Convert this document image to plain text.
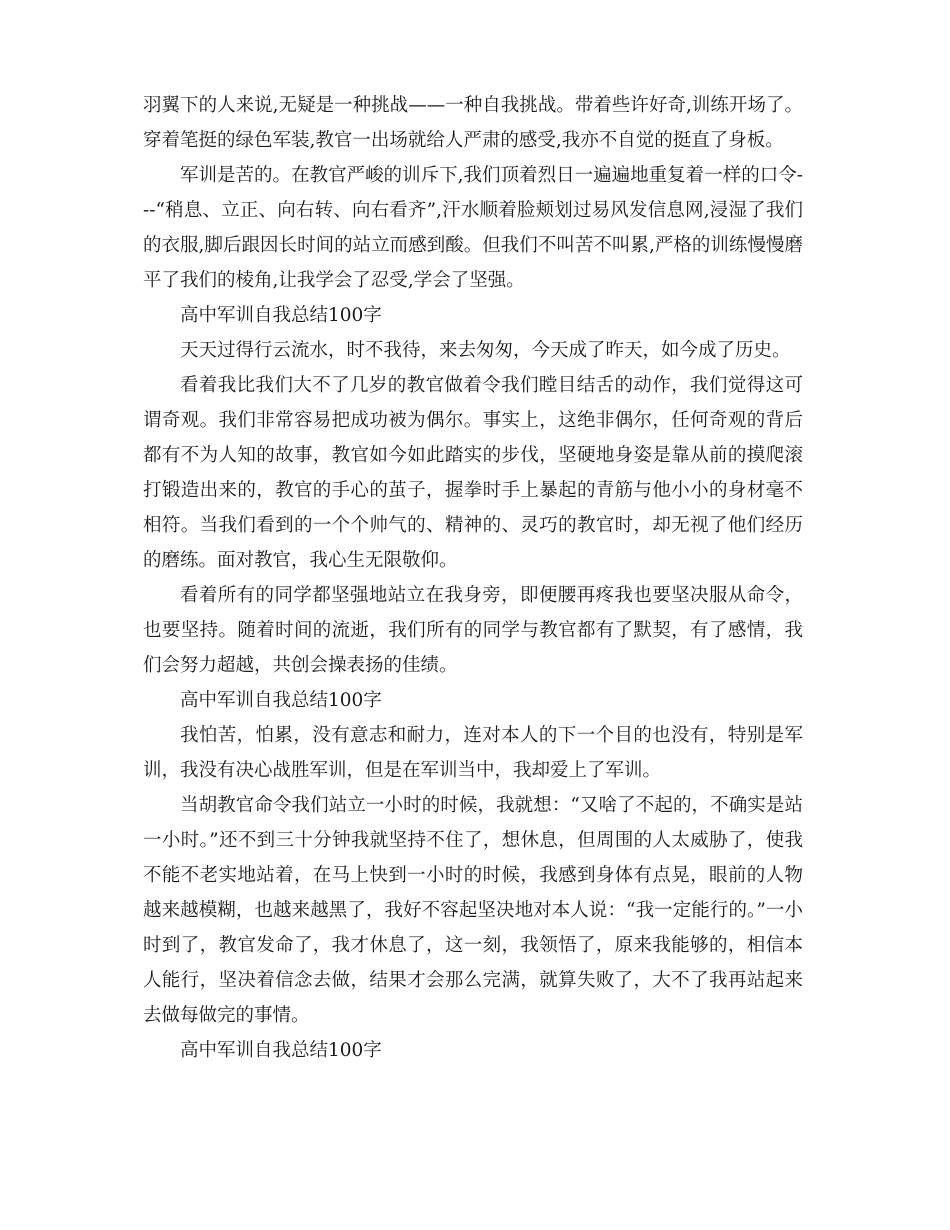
羽翼下的人来说,无疑是一种挑战——一种自我挑战。带着些许好奇,训练开场了。穿着笔挺的绿色军装,教官一出场就给人严肃的感受,我亦不自觉的挺直了身板。

军训是苦的。在教官严峻的训斥下,我们顶着烈日一遍遍地重复着一样的口令---“稍息、立正、向右转、向右看齐”,汗水顺着脸颊划过易风发信息网,浸湿了我们的衣服,脚后跟因长时间的站立而感到酸。但我们不叫苦不叫累,严格的训练慢慢磨平了我们的棱角,让我学会了忍受,学会了坚强。

高中军训自我总结100字

天天过得行云流水，时不我待，来去匆匆，今天成了昨天，如今成了历史。

看着我比我们大不了几岁的教官做着令我们瞠目结舌的动作，我们觉得这可谓奇观。我们非常容易把成功被为偶尔。事实上，这绝非偶尔，任何奇观的背后都有不为人知的故事，教官如今如此踏实的步伐，坚硬地身姿是靠从前的摸爬滚打锻造出来的，教官的手心的茧子，握拳时手上暴起的青筋与他小小的身材毫不相符。当我们看到的一个个帅气的、精神的、灵巧的教官时，却无视了他们经历的磨练。面对教官，我心生无限敬仰。

看着所有的同学都坚强地站立在我身旁，即便腰再疼我也要坚决服从命令，也要坚持。随着时间的流逝，我们所有的同学与教官都有了默契，有了感情，我们会努力超越，共创会操表扬的佳绩。

高中军训自我总结100字

我怕苦，怕累，没有意志和耐力，连对本人的下一个目的也没有，特别是军训，我没有决心战胜军训，但是在军训当中，我却爱上了军训。

当胡教官命令我们站立一小时的时候，我就想：“又啥了不起的，不确实是站一小时。”还不到三十分钟我就坚持不住了，想休息，但周围的人太威胁了，使我不能不老实地站着，在马上快到一小时的时候，我感到身体有点晃，眼前的人物越来越模糊，也越来越黑了，我好不容起坚决地对本人说：“我一定能行的。”一小时到了，教官发命了，我才休息了，这一刻，我领悟了，原来我能够的，相信本人能行，坚决着信念去做，结果才会那么完满，就算失败了，大不了我再站起来去做每做完的事情。

高中军训自我总结100字
